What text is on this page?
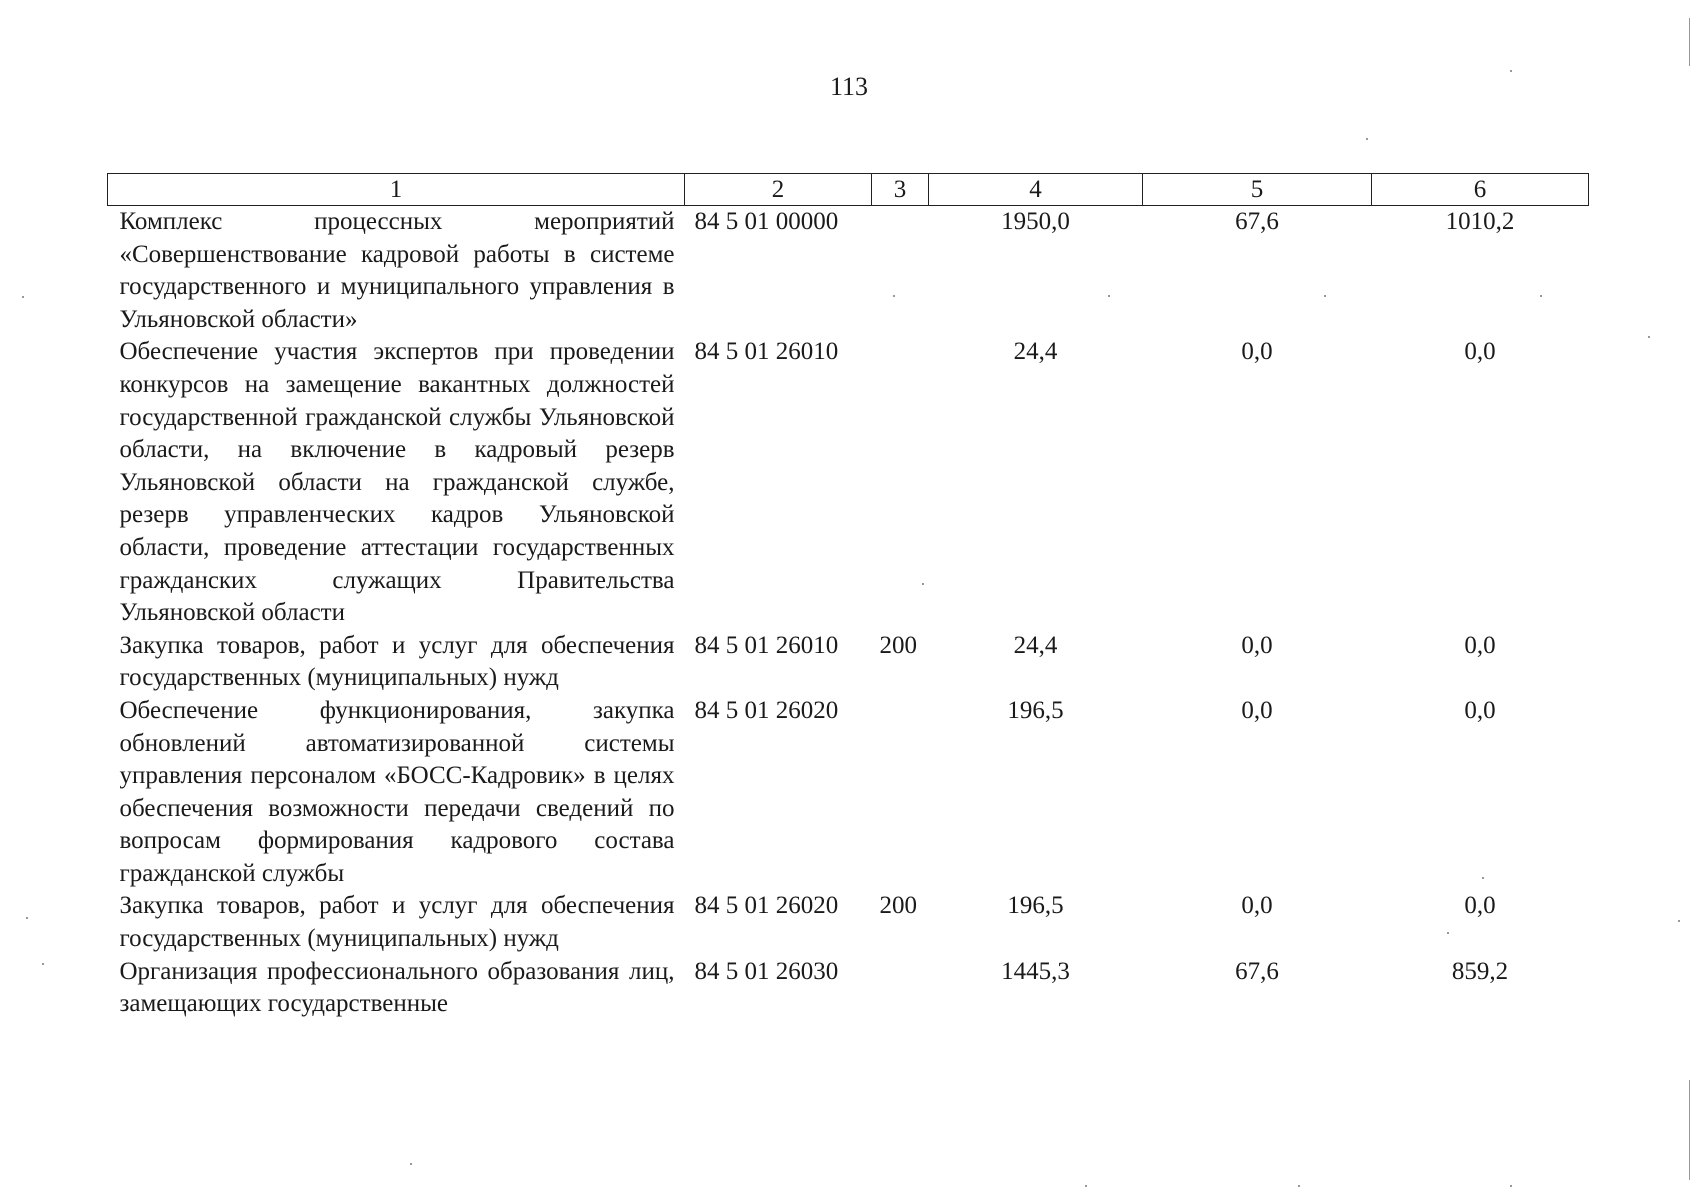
113
1	2	3	4	5	6
Комплекс процессных мероприятий «Совершенствование кадровой работы в системе государственного и муниципального управления в Ульяновской области»	84 5 01 00000		1950,0	67,6	1010,2
Обеспечение участия экспертов при проведении конкурсов на замещение вакантных должностей государственной гражданской службы Ульяновской области, на включение в кадровый резерв Ульяновской области на гражданской службе, резерв управленческих кадров Ульяновской области, проведение аттестации государственных гражданских служащих Правительства Ульяновской области	84 5 01 26010		24,4	0,0	0,0
Закупка товаров, работ и услуг для обеспечения государственных (муниципальных) нужд	84 5 01 26010	200	24,4	0,0	0,0
Обеспечение функционирования, закупка обновлений автоматизированной системы управления персоналом «БОСС-Кадровик» в целях обеспечения возможности передачи сведений по вопросам формирования кадрового состава гражданской службы	84 5 01 26020		196,5	0,0	0,0
Закупка товаров, работ и услуг для обеспечения государственных (муниципальных) нужд	84 5 01 26020	200	196,5	0,0	0,0
Организация профессионального образования лиц, замещающих государственные	84 5 01 26030		1445,3	67,6	859,2
